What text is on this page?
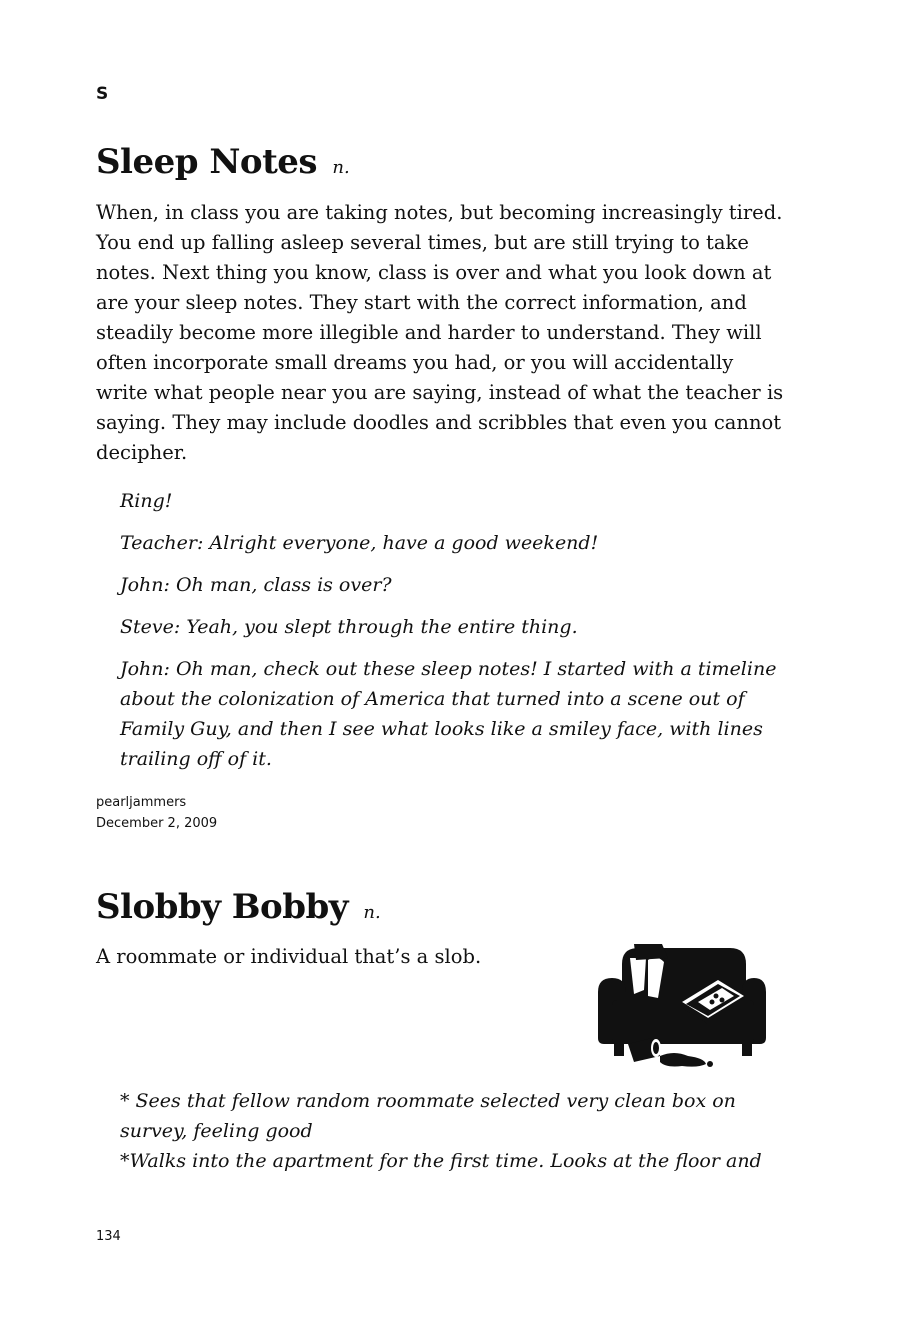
S
Sleep Notes n.

When, in class you are taking notes, but becoming increasingly tired. You end up falling asleep several times, but are still trying to take notes. Next thing you know, class is over and what you look down at are your sleep notes. They start with the correct information, and steadily become more illegible and harder to understand. They will often incorporate small dreams you had, or you will accidentally write what people near you are saying, instead of what the teacher is saying. They may include doodles and scribbles that even you cannot decipher.

Ring!

Teacher: Alright everyone, have a good weekend!

John: Oh man, class is over?

Steve: Yeah, you slept through the entire thing.

John: Oh man, check out these sleep notes! I started with a timeline about the colonization of America that turned into a scene out of Family Guy, and then I see what looks like a smiley face, with lines trailing off of it.

pearljammers
December 2, 2009
Slobby Bobby n.

A roommate or individual that’s a slob.

* Sees that fellow random roommate selected very clean box on survey, feeling good

*Walks into the apartment for the first time. Looks at the floor and

134
